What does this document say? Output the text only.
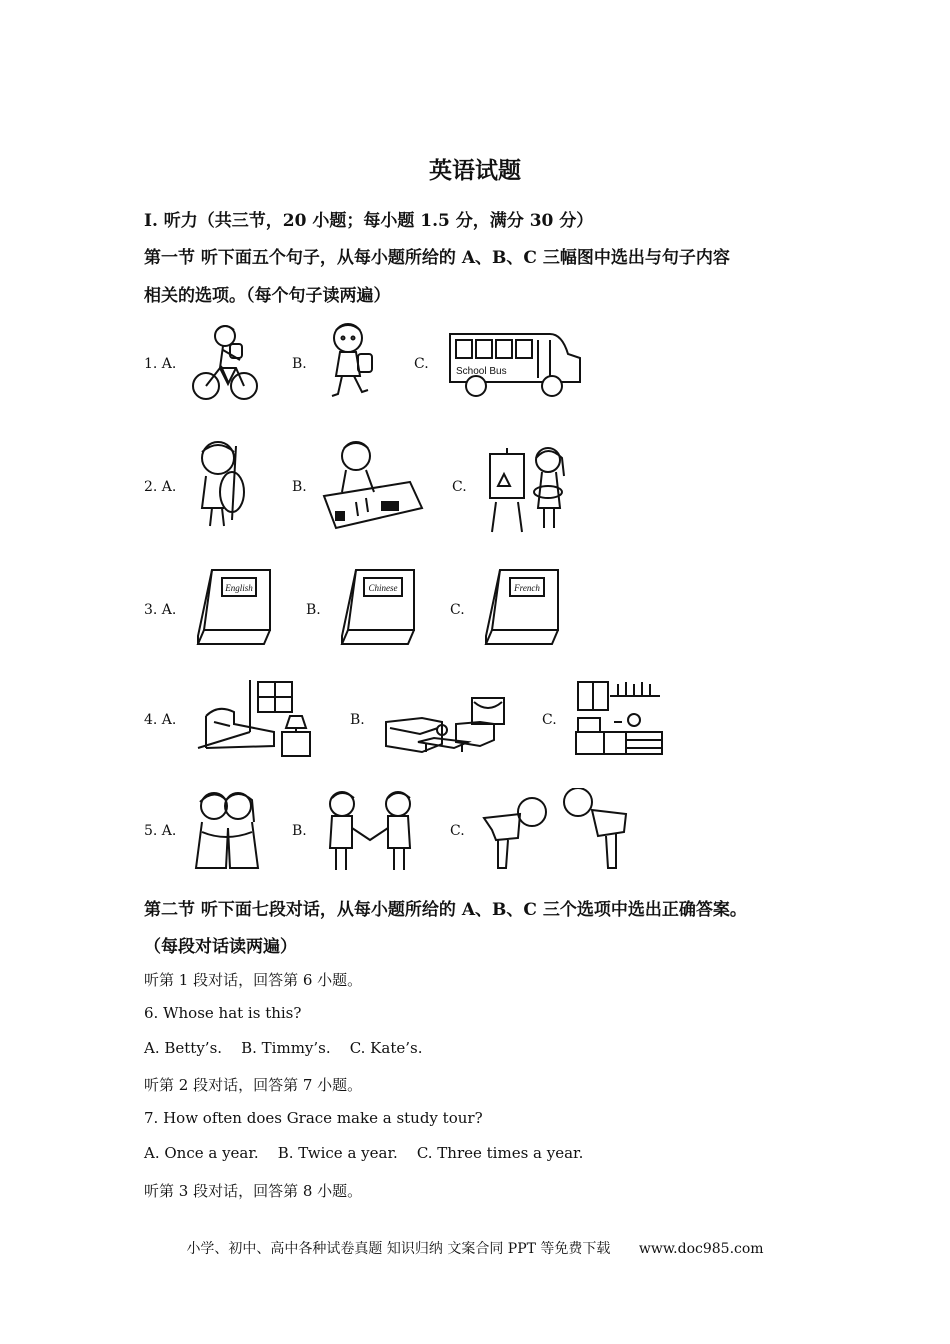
英语试题
I. 听力（共三节，20 小题；每小题 1.5 分，满分 30 分）
第一节 听下面五个句子，从每小题所给的 A、B、C 三幅图中选出与句子内容
相关的选项。（每个句子读两遍）
1. A.	B.	C.	School Bus
2. A.	B.	C.
3. A.	B.	C.
English	Chinese	French
4. A.	B.	C.
5. A.	B.	C.
第二节 听下面七段对话，从每小题所给的 A、B、C 三个选项中选出正确答案。
（每段对话读两遍）
听第 1 段对话，回答第 6 小题。
6. Whose hat is this?
A. Betty’s.    B. Timmy’s.    C. Kate’s.
听第 2 段对话，回答第 7 小题。
7. How often does Grace make a study tour?
A. Once a year.    B. Twice a year.    C. Three times a year.
听第 3 段对话，回答第 8 小题。
小学、初中、高中各种试卷真题 知识归纳 文案合同 PPT 等免费下载 www.doc985.com
